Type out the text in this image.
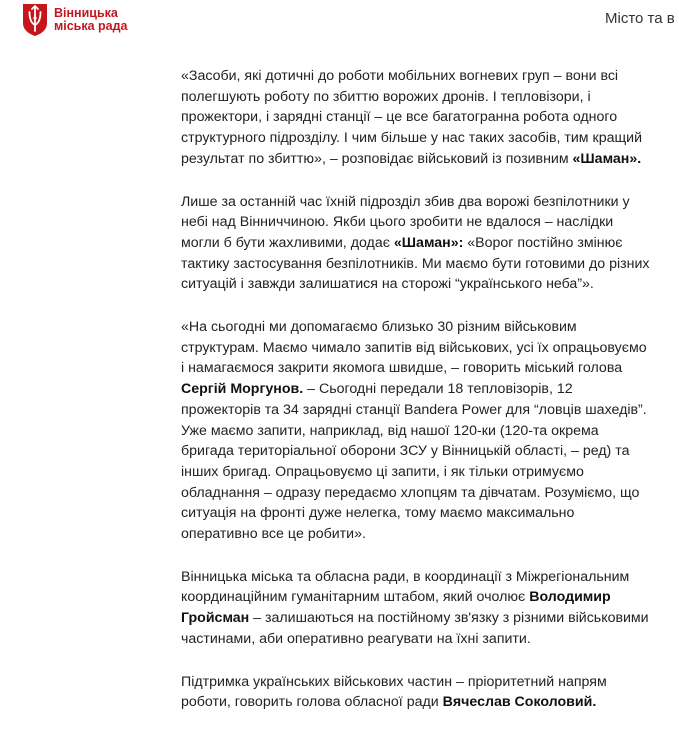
Вінницька
міська рада	Місто та в

«Засоби, які дотичні до роботи мобільних вогневих груп – вони всі полегшують роботу по збиттю ворожих дронів. І тепловізори, і прожектори, і зарядні станції – це все багатогранна робота одного структурного підрозділу. І чим більше у нас таких засобів, тим кращий результат по збиттю», – розповідає військовий із позивним «Шаман».

Лише за останній час їхній підрозділ збив два ворожі безпілотники у небі над Вінниччиною. Якби цього зробити не вдалося – наслідки могли б бути жахливими, додає «Шаман»: «Ворог постійно змінює тактику застосування безпілотників. Ми маємо бути готовими до різних ситуацій і завжди залишатися на сторожі “українського неба”».

«На сьогодні ми допомагаємо близько 30 різним військовим структурам. Маємо чимало запитів від військових, усі їх опрацьовуємо і намагаємося закрити якомога швидше, – говорить міський голова Сергій Моргунов. – Сьогодні передали 18 тепловізорів, 12 прожекторів та 34 зарядні станції Bandera Power для “ловців шахедів”. Уже маємо запити, наприклад, від нашої 120-ки (120-та окрема бригада територіальної оборони ЗСУ у Вінницькій області, – ред) та інших бригад. Опрацьовуємо ці запити, і як тільки отримуємо обладнання – одразу передаємо хлопцям та дівчатам. Розуміємо, що ситуація на фронті дуже нелегка, тому маємо максимально оперативно все цe робити».

Вінницька міська та обласна ради, в координації з Міжрегіональним координаційним гуманітарним штабом, який очолює Володимир Гройсман – залишаються на постійному зв'язку з різними військовими частинами, аби оперативно реагувати на їхні запити.

Підтримка українських військових частин – пріоритетний напрям роботи, говорить голова обласної ради Вячеслав Соколовий.
